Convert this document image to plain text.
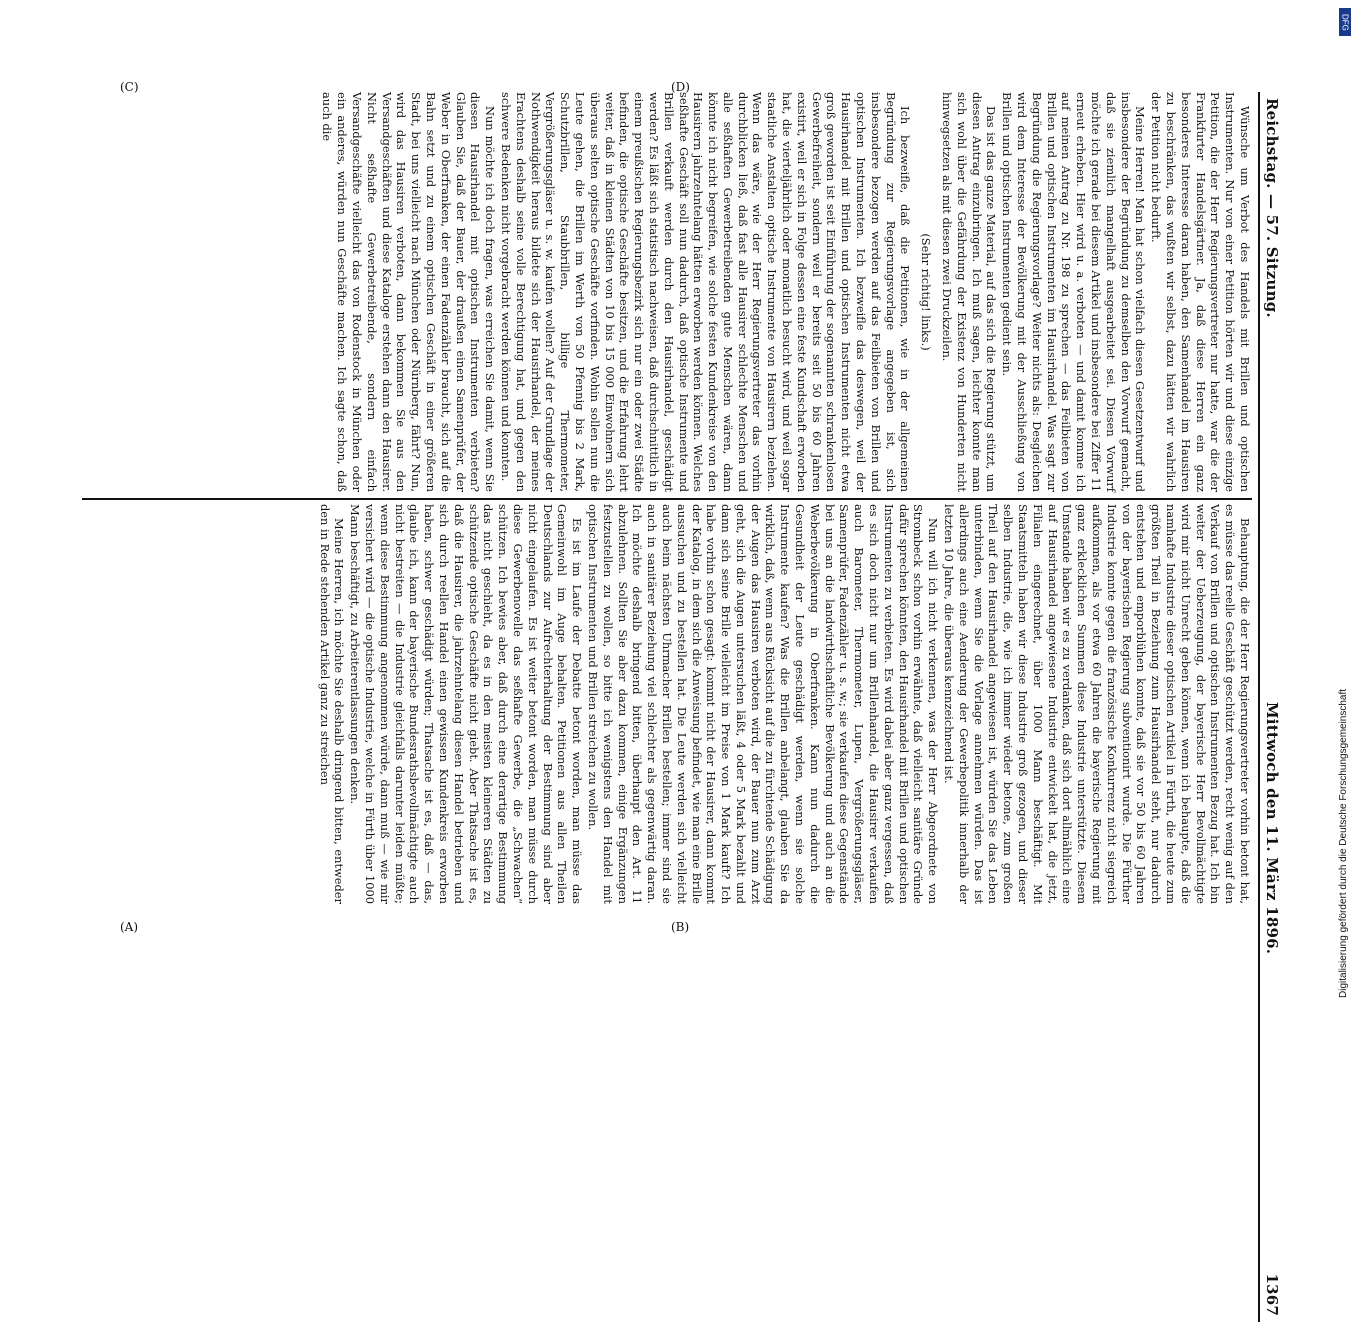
Reichstag. — 57. Sitzung.
1367
Mittwoch den 11. März 1896.

Wünsche um Verbot des Handels mit Brillen und optischen Instrumenten. Nur von einer Petition hörten wir und diese einzige Petition, die der Herr Regierungsvertreter nur hatte, war die der Frankfurter Handelsgärtner. Ja, daß diese Herren ein ganz besonderes Interesse daran haben, den Samenhandel im Hausiren zu beschränken, das wußten wir selbst, dazu hätten wir wahrlich der Petition nicht bedurft.

Meine Herren! Man hat schon vielfach diesen Gesetzentwurf und insbesondere der Begründung zu demselben den Vorwurf gemacht, daß sie ziemlich mangelhaft ausgearbeitet sei. Diesen Vorwurf möchte ich gerade bei diesem Artikel und insbesondere bei Ziffer 11 erneut erheben. Hier wird u. a. verboten — und damit komme ich auf meinen Antrag zu Nr. 198 zu sprechen — das Feilbieten von Brillen und optischen Instrumenten im Hausirhandel. Was sagt zur Begründung die Regierungsvorlage? Weiter nichts als: Desgleichen wird dem Interesse der Bevölkerung mit der Ausschließung von Brillen und optischen Instrumenten gedient sein.

Das ist das ganze Material, auf das sich die Regierung stützt, um diesen Antrag einzubringen. Ich muß sagen, leichter konnte man sich wohl über die Gefährdung der Existenz von Hunderten nicht hinwegsetzen als mit diesen zwei Druckzeilen.

(Sehr richtig! links.)

Ich bezweifle, daß die Petitionen, wie in der allgemeinen Begründung zur Regierungsvorlage angegeben ist, sich insbesondere bezogen werden auf das Feilbieten von Brillen und optischen Instrumenten. Ich bezweifle das deswegen, weil der Hausirhandel mit Brillen und optischen Instrumenten nicht etwa groß geworden ist seit Einführung der sogenannten schrankenlosen Gewerbefreiheit, sondern weil er bereits seit 50 bis 60 Jahren existirt, weil er sich in Folge dessen eine feste Kundschaft erworben hat, die vierteljährlich oder monatlich besucht wird, und weil sogar staatliche Anstalten optische Instrumente von Hausirern beziehen. Wenn das wäre, wie der Herr Regierungsvertreter das vorhin durchblicken ließ, daß fast alle Hausirer schlechte Menschen und alle seßhaften Gewerbetreibenden gute Menschen wären, dann könnte ich nicht begreifen, wie solche festen Kundenkreise von den Hausirern jahrzehntelang hätten erworben werden können. Welches seßhafte Geschäft soll nun dadurch, daß optische Instrumente und Brillen verkauft werden durch den Hausirhandel, geschädigt werden? Es läßt sich statistisch nachweisen, daß durchschnittlich in einem preußischen Regierungsbezirk sich nur ein oder zwei Städte befinden, die optische Geschäfte besitzen, und die Erfahrung lehrt weiter, daß in kleinen Städten von 10 bis 15 000 Einwohnern sich überaus selten optische Geschäfte vorfinden. Wohin sollen nun die Leute gehen, die Brillen im Werth von 50 Pfennig bis 2 Mark, Schutzbrillen, Staubbrillen, billige Thermometer, Vergrößerungsgläser u. s. w. kaufen wollen? Auf der Grundlage der Nothwendigkeit heraus bildete sich der Hausirhandel, der meines Erachtens deshalb seine volle Berechtigung hat, und gegen den schwere Bedenken nicht vorgebracht werden können und konnten.

Nun möchte ich doch fragen, was erreichen Sie damit, wenn Sie diesen Hausirhandel mit optischen Instrumenten verbieten? Glauben Sie, daß der Bauer, der draußen einen Samenprüfer, der Weber in Oberfranken, der einen Fadenzähler braucht, sich auf die Bahn setzt und zu einem optischen Geschäft in einer größeren Stadt, bei uns vielleicht nach München oder Nürnberg, fährt? Nun, wird das Hausiren verboten, dann bekommen Sie aus den Versandgeschäften und diese Kataloge erstehen dann den Hausirer. Nicht seßhafte Gewerbetreibende, sondern einfach Versandgeschäfte vielleicht das von Rodenstock in München oder ein anderes, würden nun Geschäfte machen. Ich sagte schon, daß auch die

Behauptung, die der Herr Regierungsvertreter vorhin betont hat, es müsse das reelle Geschäft geschützt werden, recht wenig auf den Verkauf von Brillen und optischen Instrumenten Bezug hat. Ich bin weiter der Ueberzeugung, der bayerische Herr Bevollmächtigte wird mir nicht Unrecht geben können, wenn ich behaupte, daß die namhafte Industrie dieser optischen Artikel in Fürth, die heute zum größten Theil in Beziehung zum Hausirhandel steht, nur dadurch entstehen und emporblühen konnte, daß sie vor 50 bis 60 Jahren von der bayerischen Regierung subventionirt wurde. Die Fürther Industrie konnte gegen die französische Konkurrenz nicht siegreich aufkommen, als vor etwa 60 Jahren die bayerische Regierung mit ganz erklecklichen Summen diese Industrie unterstützte. Diesem Umstande haben wir es zu verdanken, daß sich dort allmählich eine auf Hausirhandel angewiesene Industrie entwickelt hat, die jetzt, Filialen eingerechnet, über 1000 Mann beschäftigt. Mit Staatsmitteln haben wir diese Industrie groß gezogen, und dieser selben Industrie, die, wie ich immer wieder betone, zum großen Theil auf den Hausirhandel angewiesen ist, würden Sie das Leben unterbinden, wenn Sie die Vorlage annehmen würden. Das ist allerdings auch eine Aenderung der Gewerbepolitik innerhalb der letzten 10 Jahre, die überaus kennzeichnend ist.

Nun will ich nicht verkennen, was der Herr Abgeordnete von Strombeck schon vorhin erwähnte, daß vielleicht sanitäre Gründe dafür sprechen könnten, den Hausirhandel mit Brillen und optischen Instrumenten zu verbieten. Es wird dabei aber ganz vergessen, daß es sich doch nicht nur um Brillenhandel, die Hausirer verkaufen auch Barometer, Thermometer, Lupen, Vergrößerungsgläser, Samenprüfer, Fadenzähler u. s. w.; sie verkaufen diese Gegenstände bei uns an die landwirthschaftliche Bevölkerung und auch an die Weberbevölkerung in Oberfranken. Kann nun dadurch die Gesundheit der Leute geschädigt werden, wenn sie solche Instrumente kaufen? Was die Brillen anbelangt, glauben Sie da wirklich, daß, wenn aus Rücksicht auf die zu fürchtende Schädigung der Augen das Hausiren verboten wird, der Bauer nun zum Arzt geht, sich die Augen untersuchen läßt, 4 oder 5 Mark bezahlt und dann sich seine Brille vielleicht im Preise von 1 Mark kauft? Ich habe vorhin schon gesagt: kommt nicht der Hausirer, dann kommt der Katalog, in dem sich die Anweisung befindet, wie man eine Brille aussuchen und zu bestellen hat. Die Leute werden sich vielleicht auch beim nächsten Uhrmacher Brillen bestellen; immer sind sie auch in sanitärer Beziehung viel schlechter als gegenwärtig daran. Ich möchte deshalb bringend bitten, überhaupt den Art. 11 abzulehnen. Sollten Sie aber dazu kommen, einige Ergänzungen festzustellen zu wollen, so bitte ich wenigstens den Handel mit optischen Instrumenten und Brillen streichen zu wollen.

Es ist im Laufe der Debatte betont worden, man müsse das Gemeinwohl im Auge behalten. Petitionen aus allen Theilen Deutschlands zur Aufrechterhaltung der Bestimmung sind aber nicht eingelaufen. Es ist weiter betont worden, man müsse durch diese Gewerbenovelle das seßhafte Gewerbe, die „Schwachen“ schützen. Ich bewies aber, daß durch eine derartige Bestimmung das nicht geschieht, da es in den meisten kleineren Städten zu schützende optische Geschäfte nicht giebt. Aber Thatsache ist es, daß die Hausirer, die jahrzehntelang diesen Handel betrieben und sich durch reellen Handel einen gewissen Kundenkreis erworben haben, schwer geschädigt würden; Thatsache ist es, daß — das, glaube ich, kann der bayerische Bundesrathsbevollmächtigte auch nicht bestreiten — die Industrie gleichfalls darunter leiden müßte; wenn diese Bestimmung angenommen würde, dann muß — wie mir versichert wird — die optische Industrie, welche in Fürth über 1000 Mann beschäftigt, zu Arbeiterentlassungen denken.

Meine Herren, ich möchte Sie deshalb dringend bitten, entweder den in Rede stehenden Artikel ganz zu streichen

(A)	(B)
(C)	(D)
DFG
Digitalisierung gefördert durch die Deutsche Forschungsgemeinschaft
